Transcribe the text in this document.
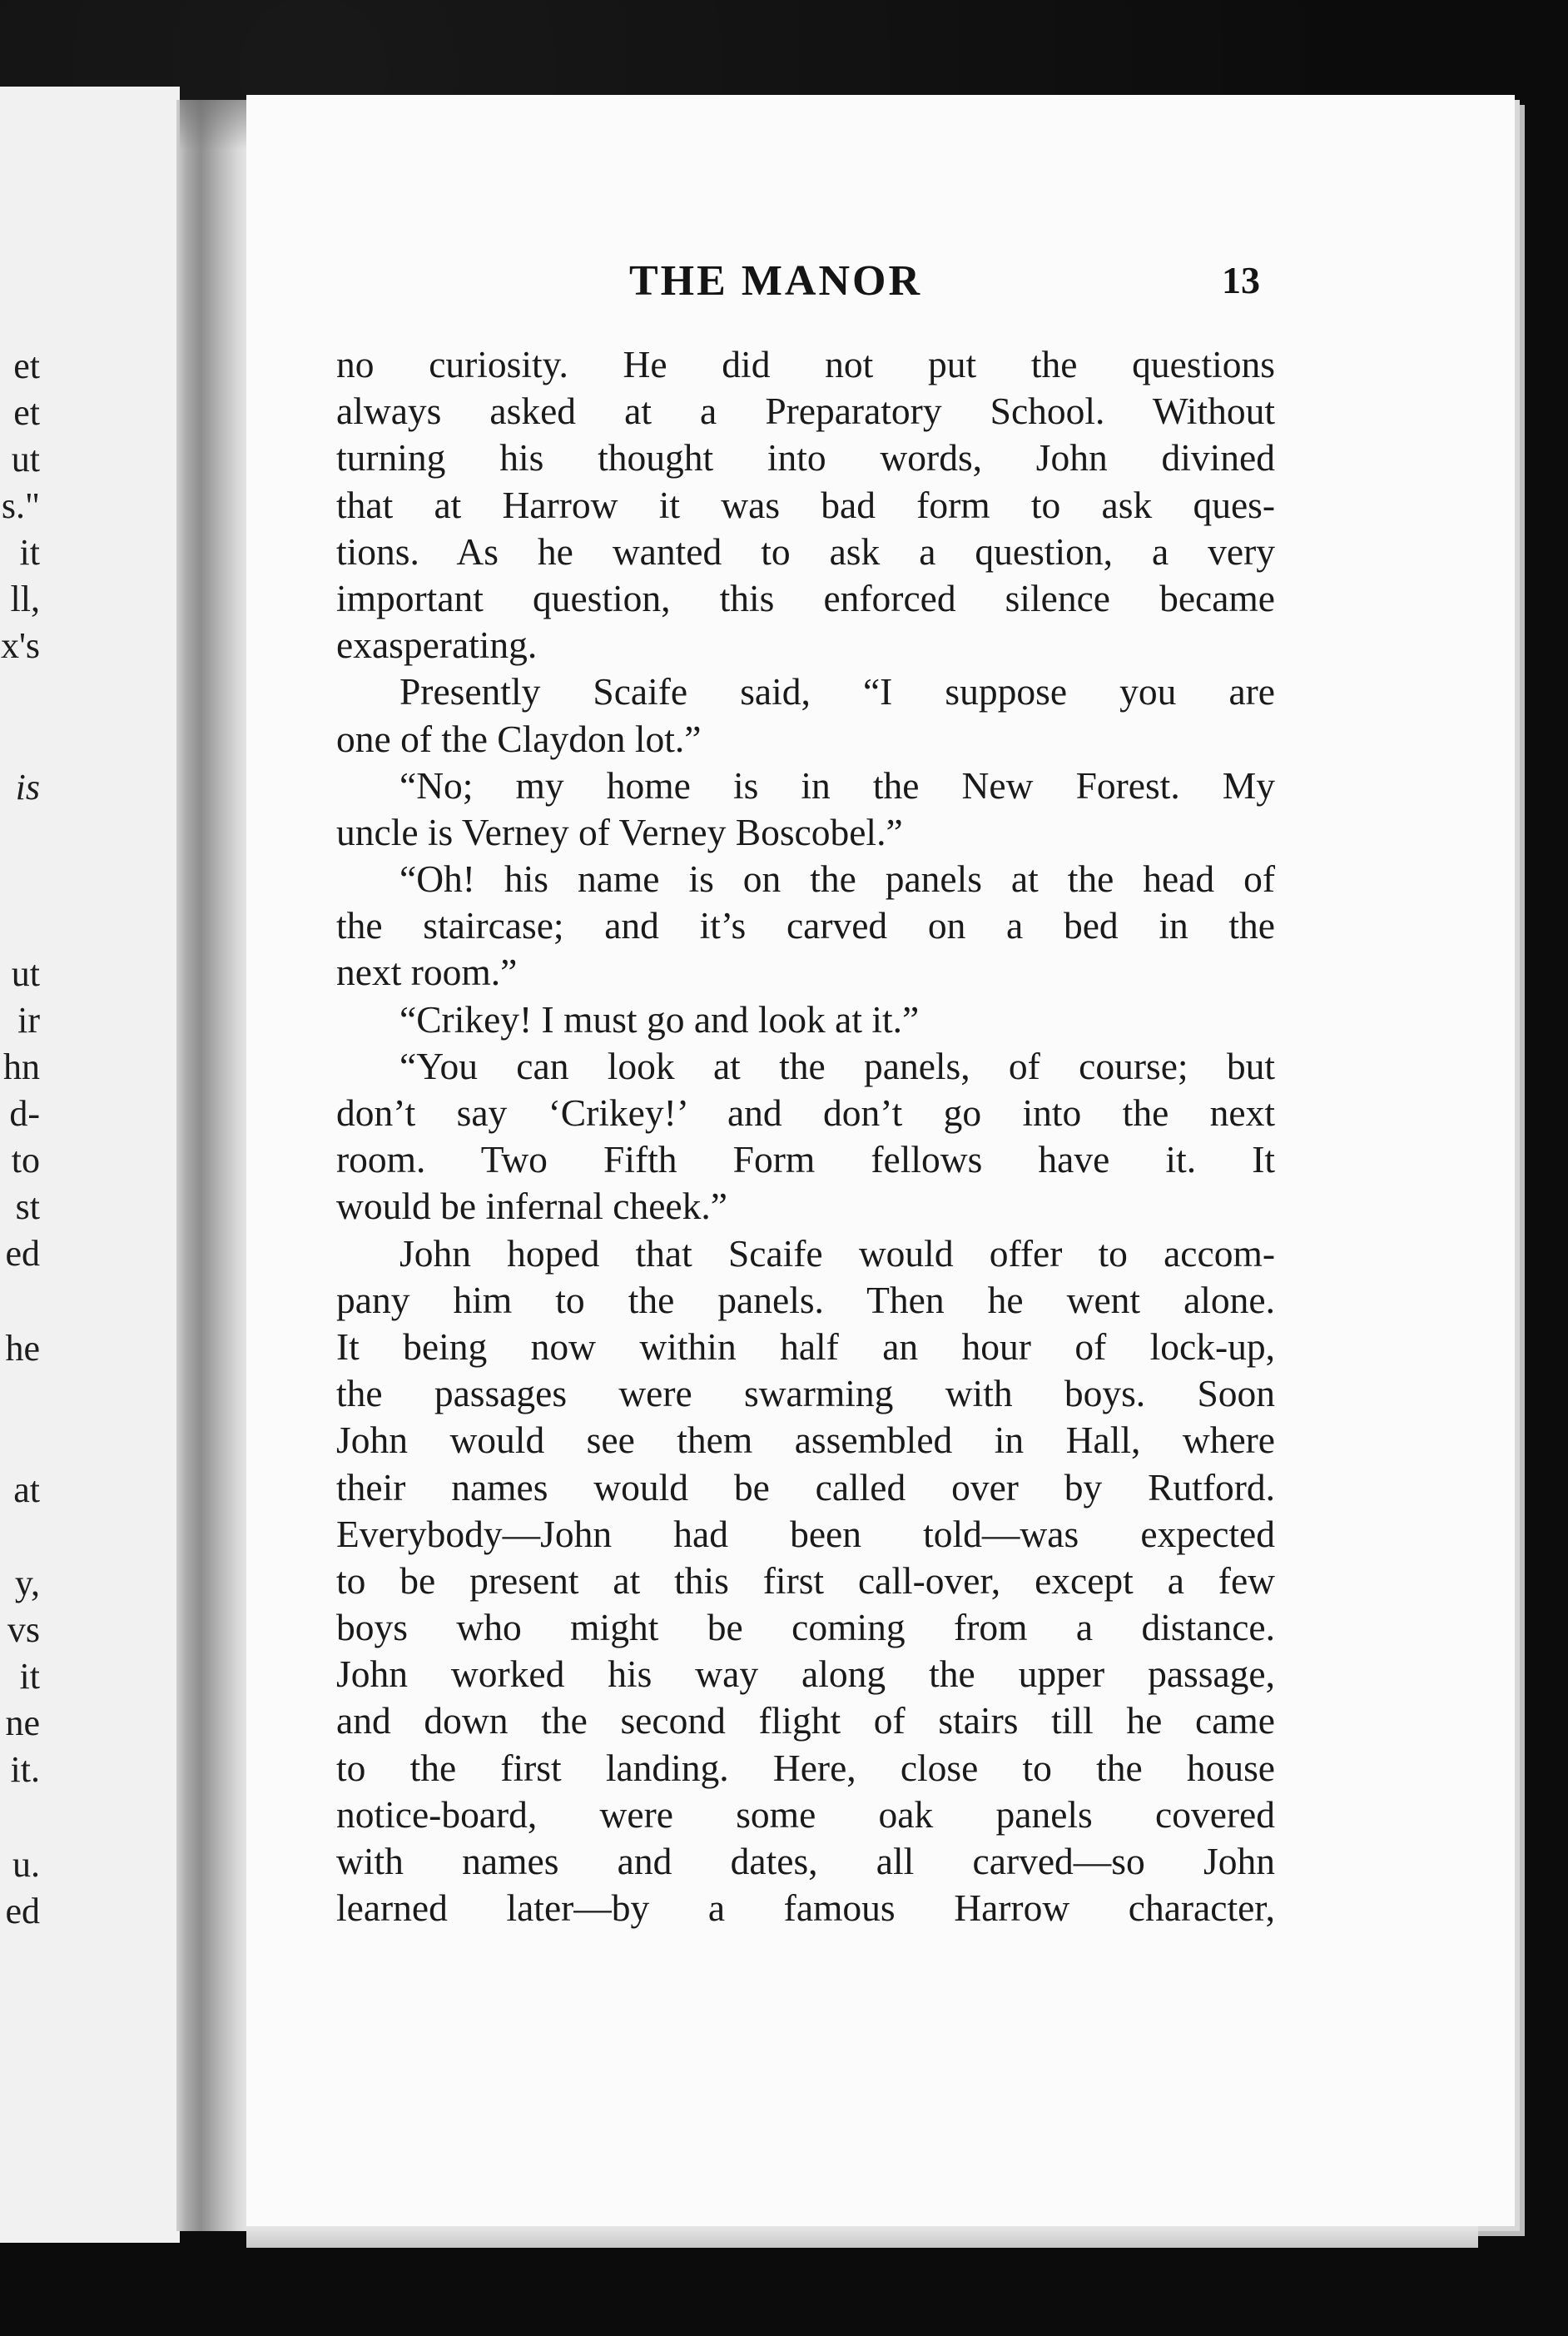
et
et
ut
s."
it
ll,
x's
is
ut
ir
hn
d-
to
st
ed
he
at
y,
vs
it
ne
it.
u.
ed
THE MANOR	13
no curiosity. He did not put the questions
always asked at a Preparatory School. Without
turning his thought into words, John divined
that at Harrow it was bad form to ask ques-
tions. As he wanted to ask a question, a very
important question, this enforced silence became
exasperating.
Presently Scaife said, “I suppose you are
one of the Claydon lot.”
“No; my home is in the New Forest. My
uncle is Verney of Verney Boscobel.”
“Oh! his name is on the panels at the head of
the staircase; and it’s carved on a bed in the
next room.”
“Crikey! I must go and look at it.”
“You can look at the panels, of course; but
don’t say ‘Crikey!’ and don’t go into the next
room. Two Fifth Form fellows have it. It
would be infernal cheek.”
John hoped that Scaife would offer to accom-
pany him to the panels. Then he went alone.
It being now within half an hour of lock-up,
the passages were swarming with boys. Soon
John would see them assembled in Hall, where
their names would be called over by Rutford.
Everybody—John had been told—was expected
to be present at this first call-over, except a few
boys who might be coming from a distance.
John worked his way along the upper passage,
and down the second flight of stairs till he came
to the first landing. Here, close to the house
notice-board, were some oak panels covered
with names and dates, all carved—so John
learned later—by a famous Harrow character,
